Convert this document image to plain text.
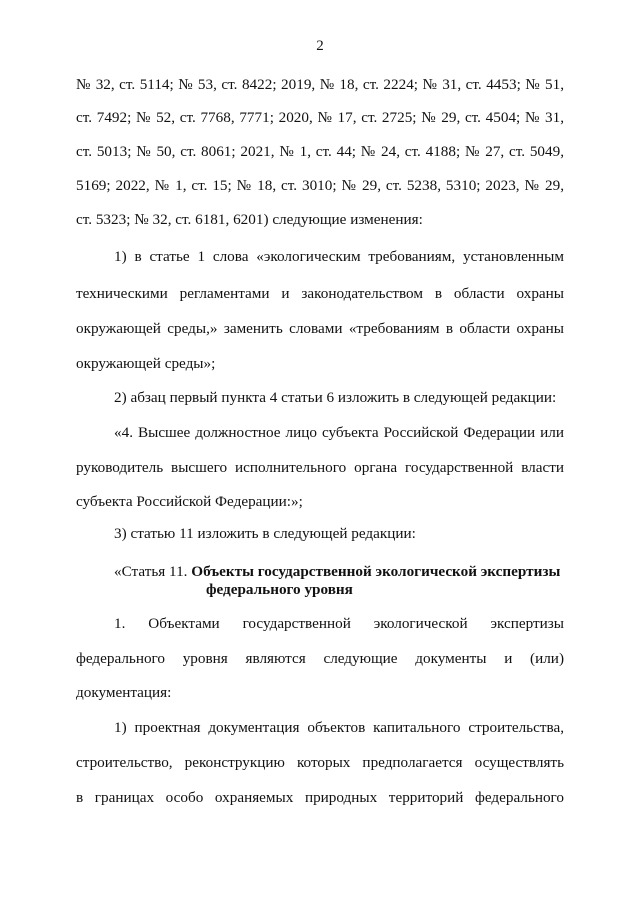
2
№ 32, ст. 5114; № 53, ст. 8422; 2019, № 18, ст. 2224; № 31, ст. 4453; № 51,
ст. 7492; № 52, ст. 7768, 7771; 2020, № 17, ст. 2725; № 29, ст. 4504; № 31,
ст. 5013; № 50, ст. 8061; 2021, № 1, ст. 44; № 24, ст. 4188; № 27, ст. 5049,
5169; 2022, № 1, ст. 15; № 18, ст. 3010; № 29, ст. 5238, 5310; 2023, № 29,
ст. 5323; № 32, ст. 6181, 6201) следующие изменения:
1) в статье 1 слова «экологическим требованиям, установленным
техническими регламентами и законодательством в области охраны
окружающей среды,» заменить словами «требованиям в области охраны
окружающей среды»;
2) абзац первый пункта 4 статьи 6 изложить в следующей редакции:
«4. Высшее должностное лицо субъекта Российской Федерации или
руководитель высшего исполнительного органа государственной власти
субъекта Российской Федерации:»;
3) статью 11 изложить в следующей редакции:
«Статья 11. Объекты государственной экологической экспертизы
федерального уровня
1. Объектами государственной экологической экспертизы
федерального уровня являются следующие документы и (или)
документация:
1) проектная документация объектов капитального строительства,
строительство, реконструкцию которых предполагается осуществлять
в границах особо охраняемых природных территорий федерального
